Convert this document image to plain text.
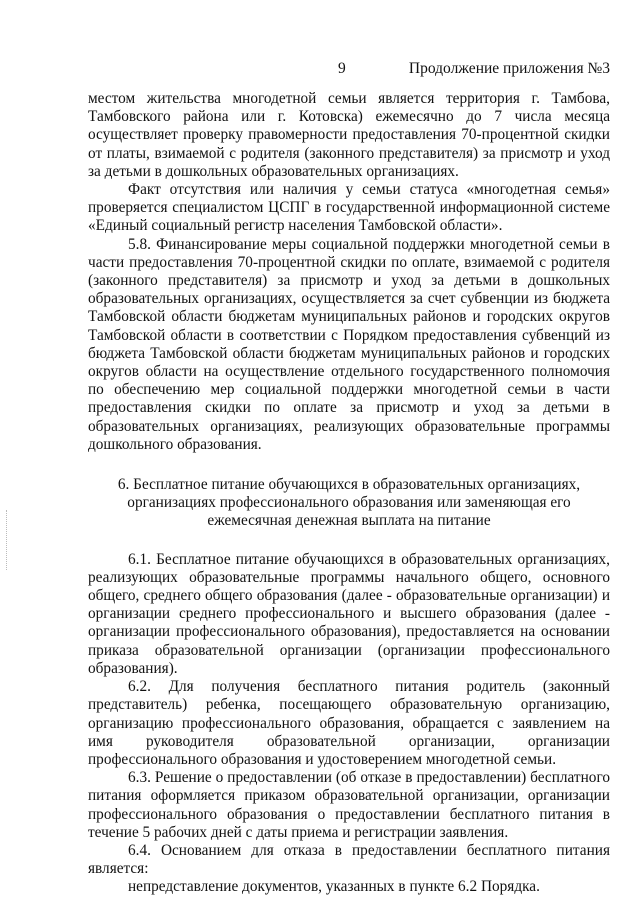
9	Продолжение приложения №3

местом жительства многодетной семьи является территория г. Тамбова, Тамбовского района или г. Котовска) ежемесячно до 7 числа месяца осуществляет проверку правомерности предоставления 70-процентной скидки от платы, взимаемой с родителя (законного представителя) за присмотр и уход за детьми в дошкольных образовательных организациях.

Факт отсутствия или наличия у семьи статуса «многодетная семья» проверяется специалистом ЦСПГ в государственной информационной системе «Единый социальный регистр населения Тамбовской области».

5.8. Финансирование меры социальной поддержки многодетной семьи в части предоставления 70-процентной скидки по оплате, взимаемой с родителя (законного представителя) за присмотр и уход за детьми в дошкольных образовательных организациях, осуществляется за счет субвенции из бюджета Тамбовской области бюджетам муниципальных районов и городских округов Тамбовской области в соответствии с Порядком предоставления субвенций из бюджета Тамбовской области бюджетам муниципальных районов и городских округов области на осуществление отдельного государственного полномочия по обеспечению мер социальной поддержки многодетной семьи в части предоставления скидки по оплате за присмотр и уход за детьми в образовательных организациях, реализующих образовательные программы дошкольного образования.

6. Бесплатное питание обучающихся в образовательных организациях, организациях профессионального образования или заменяющая его ежемесячная денежная выплата на питание

6.1. Бесплатное питание обучающихся в образовательных организациях, реализующих образовательные программы начального общего, основного общего, среднего общего образования (далее - образовательные организации) и организации среднего профессионального и высшего образования (далее - организации профессионального образования), предоставляется на основании приказа образовательной организации (организации профессионального образования).

6.2. Для получения бесплатного питания родитель (законный представитель) ребенка, посещающего образовательную организацию, организацию профессионального образования, обращается с заявлением на имя руководителя образовательной организации, организации профессионального образования и удостоверением многодетной семьи.

6.3. Решение о предоставлении (об отказе в предоставлении) бесплатного питания оформляется приказом образовательной организации, организации профессионального образования о предоставлении бесплатного питания в течение 5 рабочих дней с даты приема и регистрации заявления.

6.4. Основанием для отказа в предоставлении бесплатного питания является:

непредставление документов, указанных в пункте 6.2 Порядка.
